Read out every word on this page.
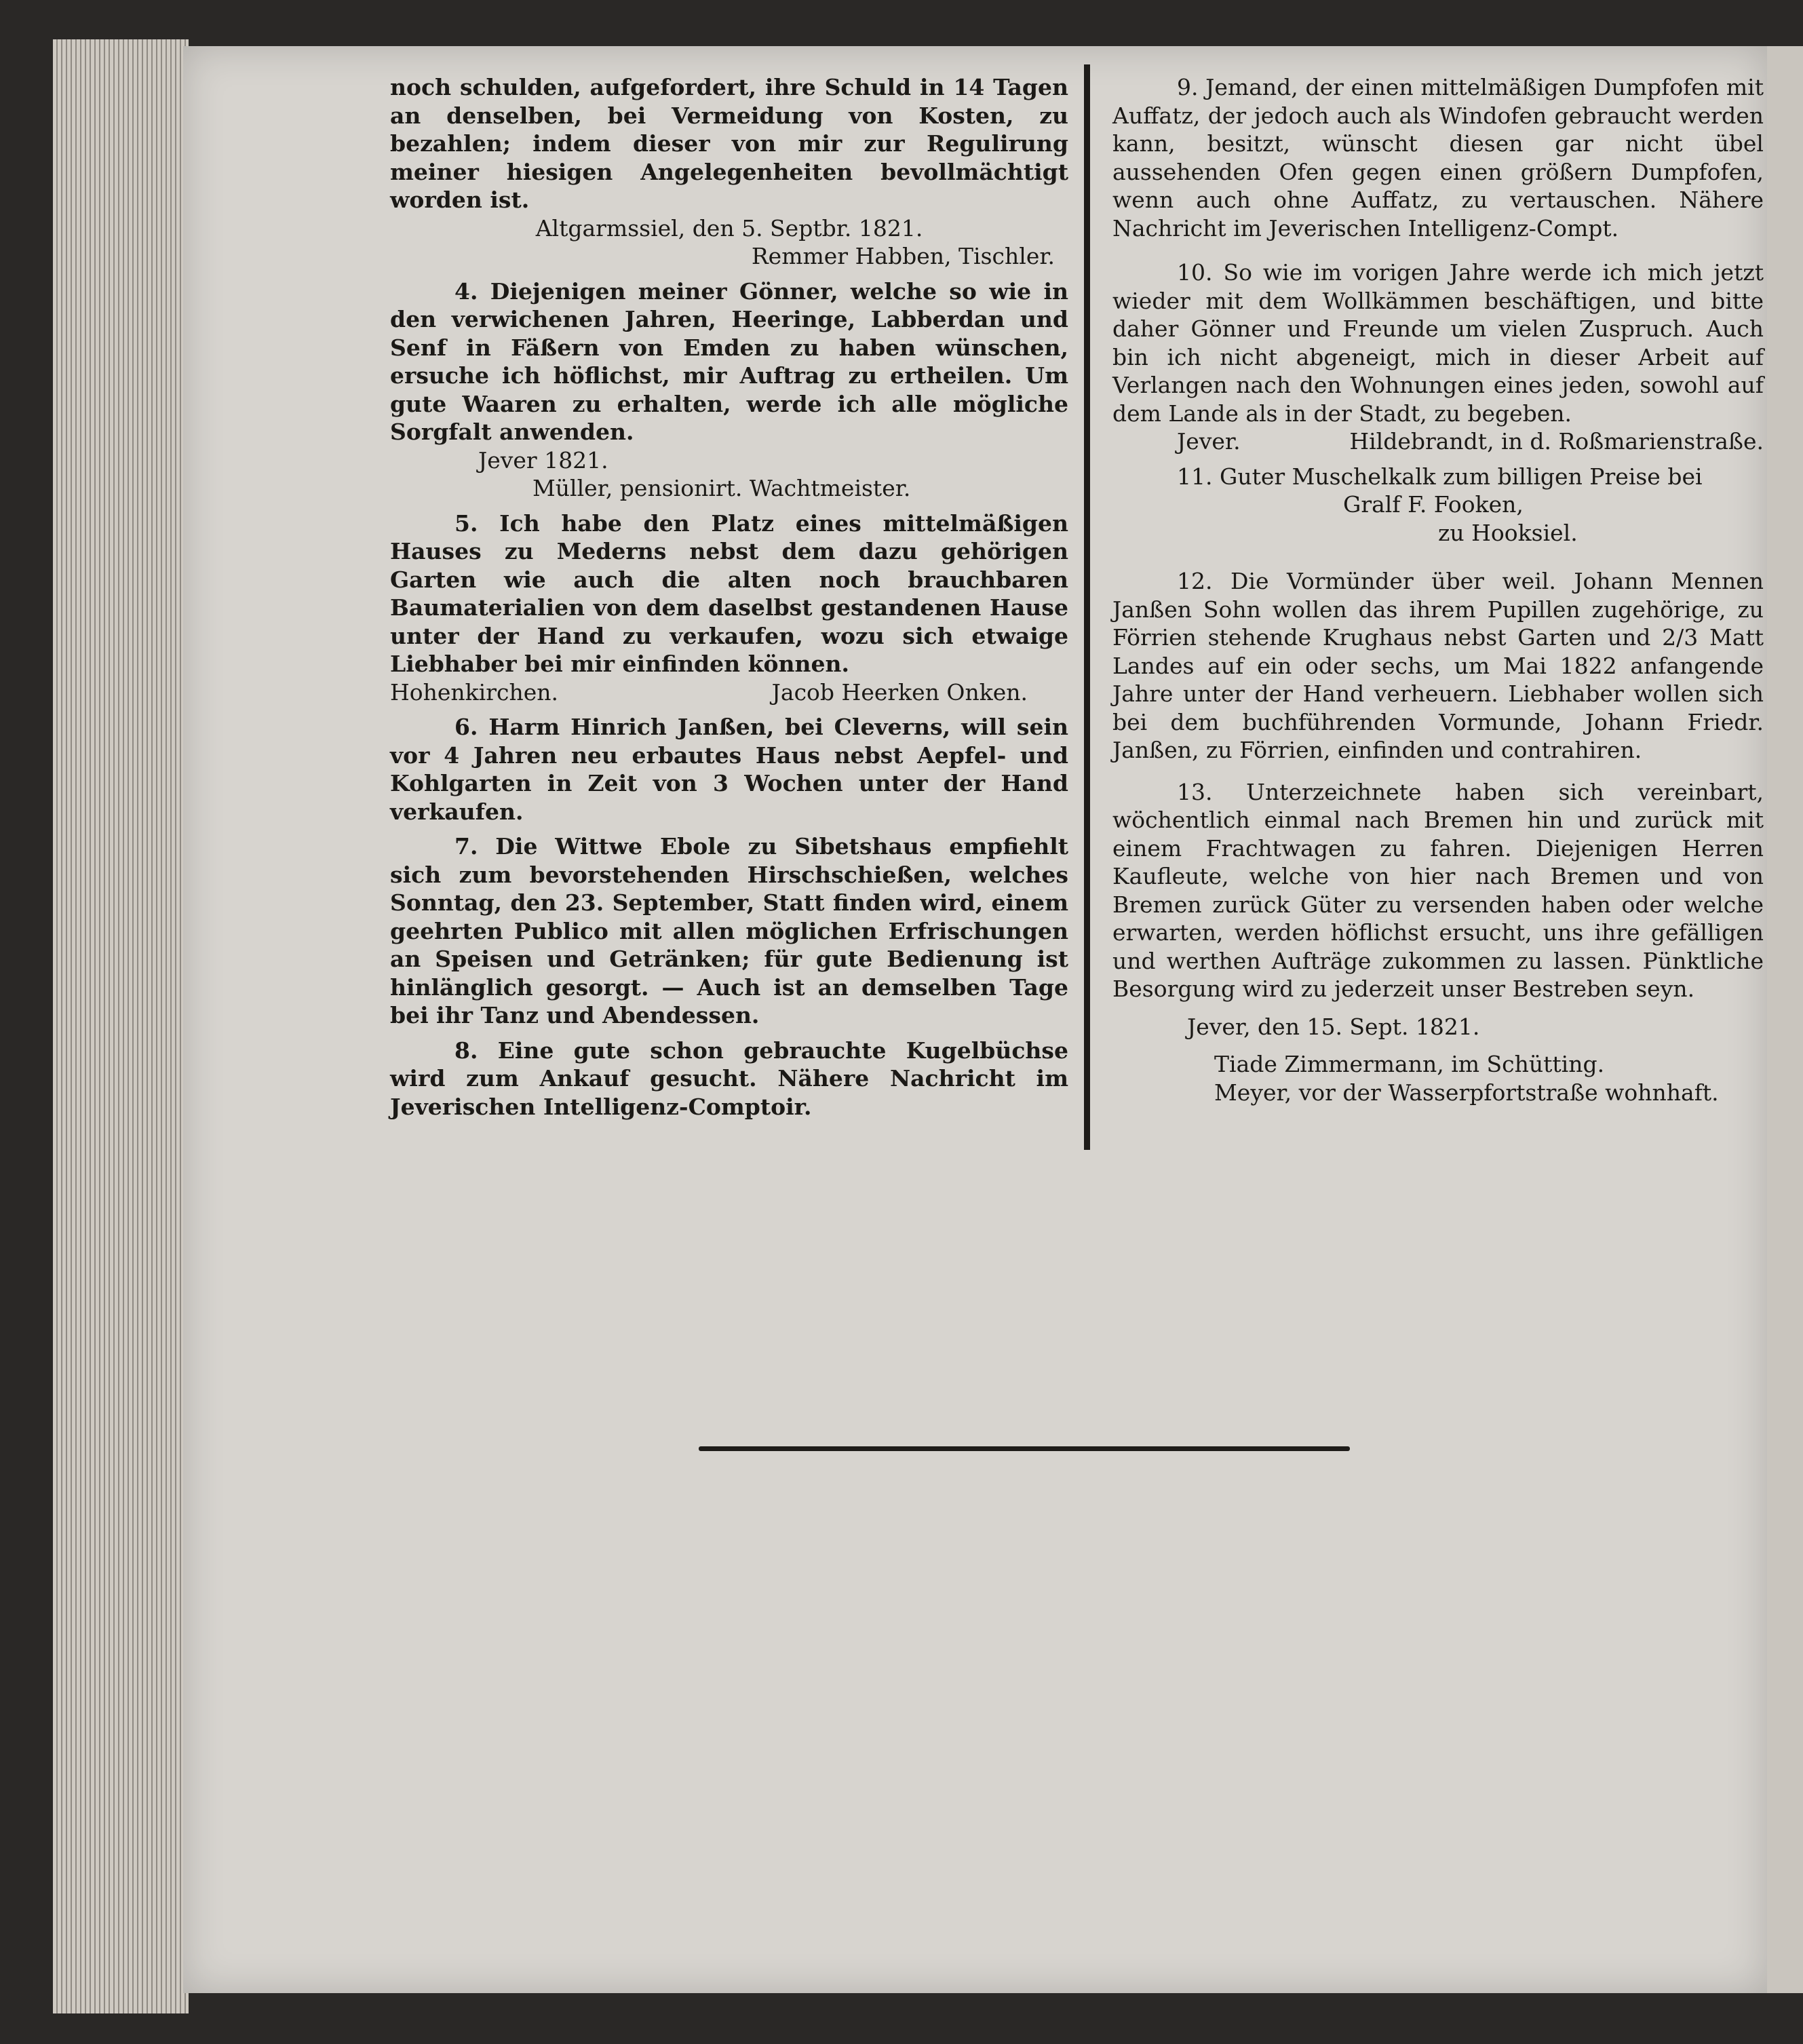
noch schulden, aufgefordert, ihre Schuld in 14 Tagen an denselben, bei Vermeidung von Kosten, zu bezahlen; indem dieser von mir zur Regulirung meiner hiesigen Angelegenheiten bevollmächtigt worden ist.
Altgarmssiel, den 5. Septbr. 1821.
Remmer Habben, Tischler.
4. Diejenigen meiner Gönner, welche so wie in den verwichenen Jahren, Heeringe, Labberdan und Senf in Fäßern von Emden zu haben wünschen, ersuche ich höflichst, mir Auftrag zu ertheilen. Um gute Waaren zu erhalten, werde ich alle mögliche Sorgfalt anwenden.
Jever 1821.
Müller, pensionirt. Wachtmeister.
5. Ich habe den Platz eines mittelmäßigen Hauses zu Mederns nebst dem dazu gehörigen Garten wie auch die alten noch brauchbaren Baumaterialien von dem daselbst gestandenen Hause unter der Hand zu verkaufen, wozu sich etwaige Liebhaber bei mir einfinden können.
Hohenkirchen.	Jacob Heerken Onken.
6. Harm Hinrich Janßen, bei Cleverns, will sein vor 4 Jahren neu erbautes Haus nebst Aepfel- und Kohlgarten in Zeit von 3 Wochen unter der Hand verkaufen.
7. Die Wittwe Ebole zu Sibetshaus empfiehlt sich zum bevorstehenden Hirschschießen, welches Sonntag, den 23. September, Statt finden wird, einem geehrten Publico mit allen möglichen Erfrischungen an Speisen und Getränken; für gute Bedienung ist hinlänglich gesorgt. — Auch ist an demselben Tage bei ihr Tanz und Abendessen.
8. Eine gute schon gebrauchte Kugelbüchse wird zum Ankauf gesucht. Nähere Nachricht im Jeverischen Intelligenz-Comptoir.
9. Jemand, der einen mittelmäßigen Dumpfofen mit Auffatz, der jedoch auch als Windofen gebraucht werden kann, besitzt, wünscht diesen gar nicht übel aussehenden Ofen gegen einen größern Dumpfofen, wenn auch ohne Auffatz, zu vertauschen. Nähere Nachricht im Jeverischen Intelligenz-Compt.
10. So wie im vorigen Jahre werde ich mich jetzt wieder mit dem Wollkämmen beschäftigen, und bitte daher Gönner und Freunde um vielen Zuspruch. Auch bin ich nicht abgeneigt, mich in dieser Arbeit auf Verlangen nach den Wohnungen eines jeden, sowohl auf dem Lande als in der Stadt, zu begeben.
Jever.	Hildebrandt, in d. Roßmarienstraße.
11. Guter Muschelkalk zum billigen Preise bei
Gralf F. Fooken,
zu Hooksiel.
12. Die Vormünder über weil. Johann Mennen Janßen Sohn wollen das ihrem Pupillen zugehörige, zu Förrien stehende Krughaus nebst Garten und 2/3 Matt Landes auf ein oder sechs, um Mai 1822 anfangende Jahre unter der Hand verheuern. Liebhaber wollen sich bei dem buchführenden Vormunde, Johann Friedr. Janßen, zu Förrien, einfinden und contrahiren.
13. Unterzeichnete haben sich vereinbart, wöchentlich einmal nach Bremen hin und zurück mit einem Frachtwagen zu fahren. Diejenigen Herren Kaufleute, welche von hier nach Bremen und von Bremen zurück Güter zu versenden haben oder welche erwarten, werden höflichst ersucht, uns ihre gefälligen und werthen Aufträge zukommen zu lassen. Pünktliche Besorgung wird zu jederzeit unser Bestreben seyn.
Jever, den 15. Sept. 1821.
Tiade Zimmermann, im Schütting.
Meyer, vor der Wasserpfortstraße wohnhaft.
